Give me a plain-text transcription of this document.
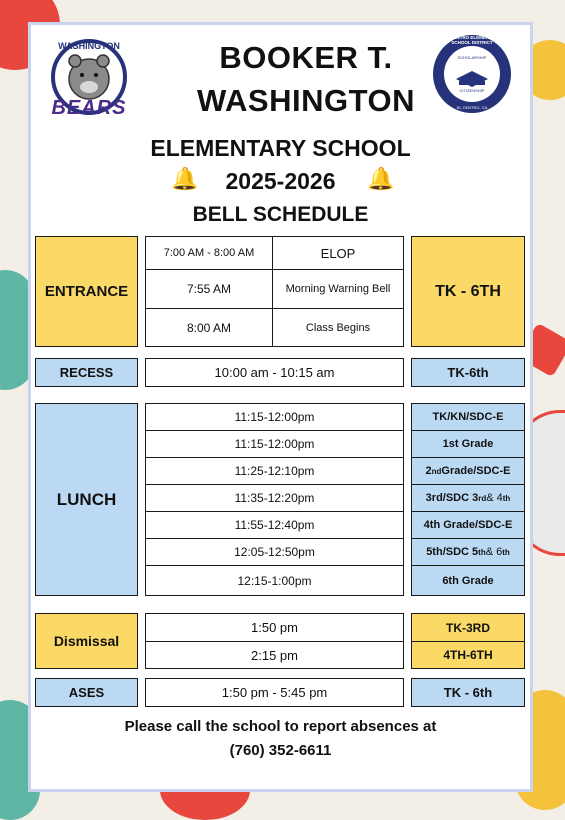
WASHINGTON
BEARS
EL CENTRO ELEMENTARY SCHOOL DISTRICT
SCHOLARSHIP
CITIZENSHIP
EL CENTRO, CA
BOOKER T.
WASHINGTON
ELEMENTARY SCHOOL
🔔	2025-2026	🔔
BELL SCHEDULE
ENTRANCE
7:00 AM - 8:00 AM	ELOP
7:55 AM	Morning Warning Bell
8:00 AM	Class Begins
TK - 6TH
RECESS	10:00 am - 10:15 am	TK-6th
LUNCH
11:15-12:00pm	TK/KN/SDC-E
11:15-12:00pm	1st Grade
11:25-12:10pm	2 nd Grade/SDC-E
11:35-12:20pm	3rd/SDC 3 rd & 4 th
11:55-12:40pm	4th Grade/SDC-E
12:05-12:50pm	5th/SDC 5 th & 6 th
12:15-1:00pm	6th Grade
Dismissal
1:50 pm	TK-3RD
2:15 pm	4TH-6TH
ASES	1:50 pm - 5:45 pm	TK - 6th
Please call the school to report absences at
(760) 352-6611
